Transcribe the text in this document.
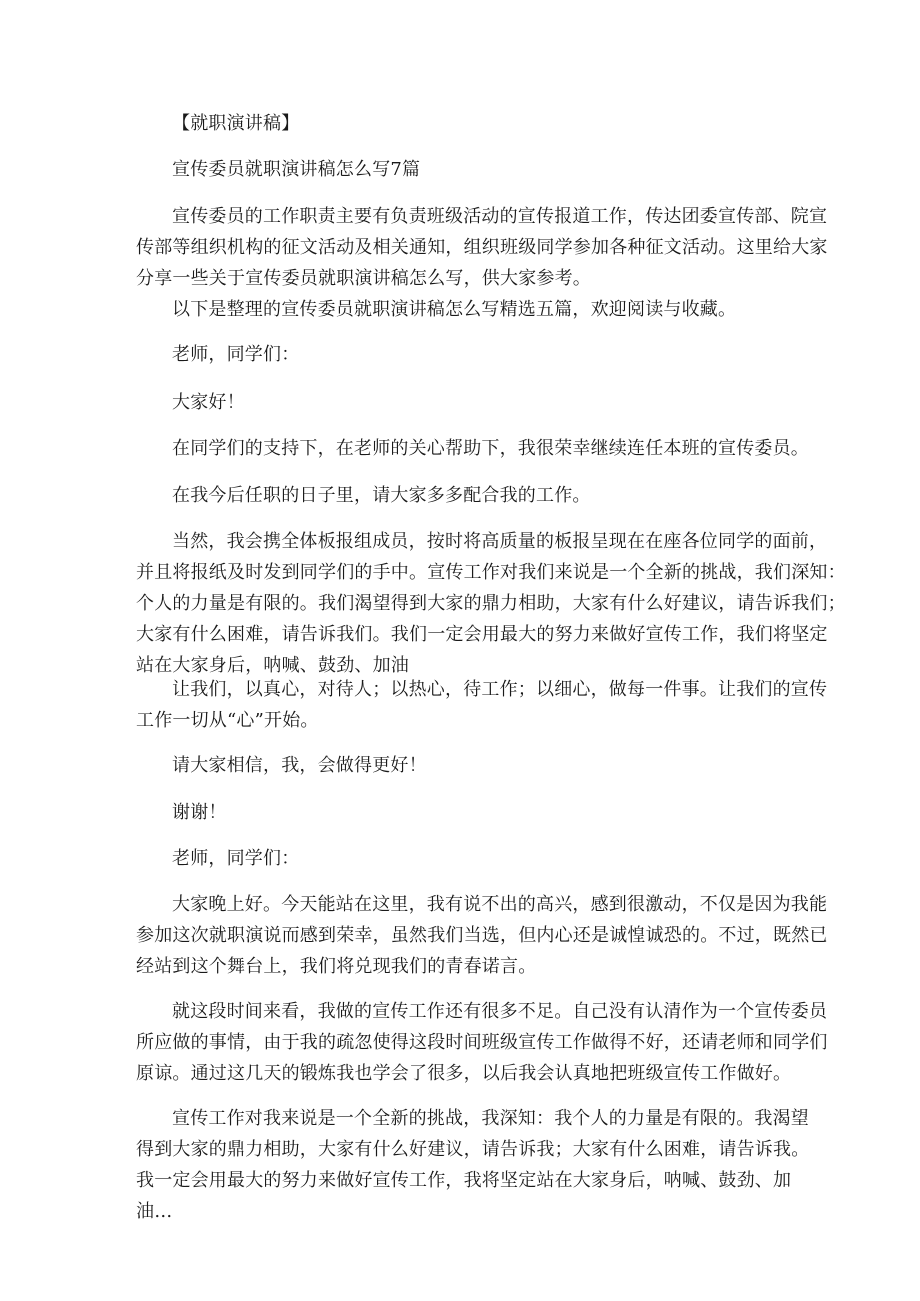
【就职演讲稿】

宣传委员就职演讲稿怎么写7篇

宣传委员的工作职责主要有负责班级活动的宣传报道工作，传达团委宣传部、院宣

传部等组织机构的征文活动及相关通知，组织班级同学参加各种征文活动。这里给大家

分享一些关于宣传委员就职演讲稿怎么写，供大家参考。

以下是整理的宣传委员就职演讲稿怎么写精选五篇，欢迎阅读与收藏。

老师，同学们：

大家好！

在同学们的支持下，在老师的关心帮助下，我很荣幸继续连任本班的宣传委员。

在我今后任职的日子里，请大家多多配合我的工作。

当然，我会携全体板报组成员，按时将高质量的板报呈现在在座各位同学的面前，

并且将报纸及时发到同学们的手中。宣传工作对我们来说是一个全新的挑战，我们深知：

个人的力量是有限的。我们渴望得到大家的鼎力相助，大家有什么好建议，请告诉我们；

大家有什么困难，请告诉我们。我们一定会用最大的努力来做好宣传工作，我们将坚定

站在大家身后，呐喊、鼓劲、加油

让我们，以真心，对待人；以热心，待工作；以细心，做每一件事。让我们的宣传

工作一切从“心”开始。

请大家相信，我，会做得更好！

谢谢！

老师，同学们：

大家晚上好。今天能站在这里，我有说不出的高兴，感到很激动，不仅是因为我能

参加这次就职演说而感到荣幸，虽然我们当选，但内心还是诚惶诚恐的。不过，既然已

经站到这个舞台上，我们将兑现我们的青春诺言。

就这段时间来看，我做的宣传工作还有很多不足。自己没有认清作为一个宣传委员

所应做的事情，由于我的疏忽使得这段时间班级宣传工作做得不好，还请老师和同学们

原谅。通过这几天的锻炼我也学会了很多，以后我会认真地把班级宣传工作做好。

宣传工作对我来说是一个全新的挑战，我深知：我个人的力量是有限的。我渴望

得到大家的鼎力相助，大家有什么好建议，请告诉我；大家有什么困难，请告诉我。

我一定会用最大的努力来做好宣传工作，我将坚定站在大家身后，呐喊、鼓劲、加

油…
